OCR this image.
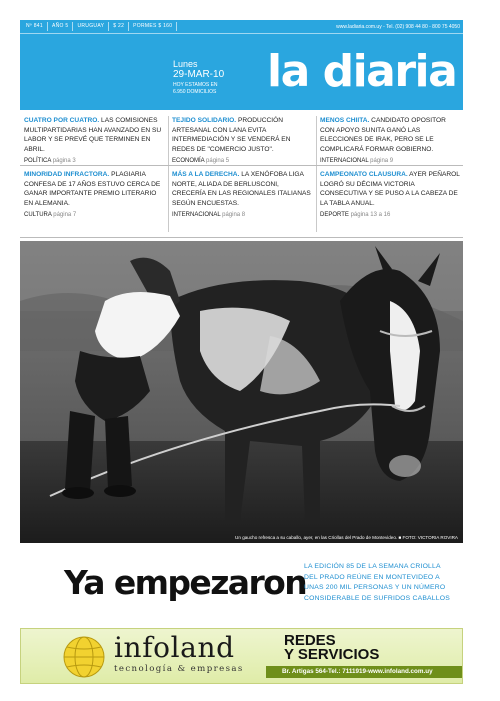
Nº 841	AÑO 5	URUGUAY	$ 22	PORMES $ 160	www.ladiaria.com.uy - Tel. (02) 908 44 80 - 800 75 4050
Lunes
29-MAR-10
HOY ESTAMOS EN
6.950 DOMICILIOS la diaria
CUATRO POR CUATRO. LAS COMISIONES MULTIPARTIDARIAS HAN AVANZADO EN SU LABOR Y SE PREVÉ QUE TERMINEN EN ABRIL.
POLÍTICA página 3
TEJIDO SOLIDARIO. PRODUCCIÓN ARTESANAL CON LANA EVITA INTERMEDIACIÓN Y SE VENDERÁ EN REDES DE "COMERCIO JUSTO".
ECONOMÍA página 5
MENOS CHIITA. CANDIDATO OPOSITOR CON APOYO SUNITA GANÓ LAS ELECCIONES DE IRAK, PERO SE LE COMPLICARÁ FORMAR GOBIERNO.
INTERNACIONAL página 9
MINORIDAD INFRACTORA. PLAGIARIA CONFESA DE 17 AÑOS ESTUVO CERCA DE GANAR IMPORTANTE PREMIO LITERARIO EN ALEMANIA.
CULTURA página 7
MÁS A LA DERECHA. LA XENÓFOBA LIGA NORTE, ALIADA DE BERLUSCONI, CRECERÍA EN LAS REGIONALES ITALIANAS SEGÚN ENCUESTAS.
INTERNACIONAL página 8
CAMPEONATO CLAUSURA. AYER PEÑAROL LOGRÓ SU DÉCIMA VICTORIA CONSECUTIVA Y SE PUSO A LA CABEZA DE LA TABLA ANUAL.
DEPORTE página 13 a 16
Un gaucho refresca a su caballo, ayer, en las Criollas del Prado de Montevideo. ■ FOTO: VICTORIA ROVIRA
Ya empezaron
LA EDICIÓN 85 DE LA SEMANA CRIOLLA DEL PRADO REÚNE EN MONTEVIDEO A UNAS 200 MIL PERSONAS Y UN NÚMERO CONSIDERABLE DE SUFRIDOS CABALLOS
infoland
tecnología & empresas
REDES
Y SERVICIOS
Br. Artigas 564-Tel.: 7111919-www.infoland.com.uy
